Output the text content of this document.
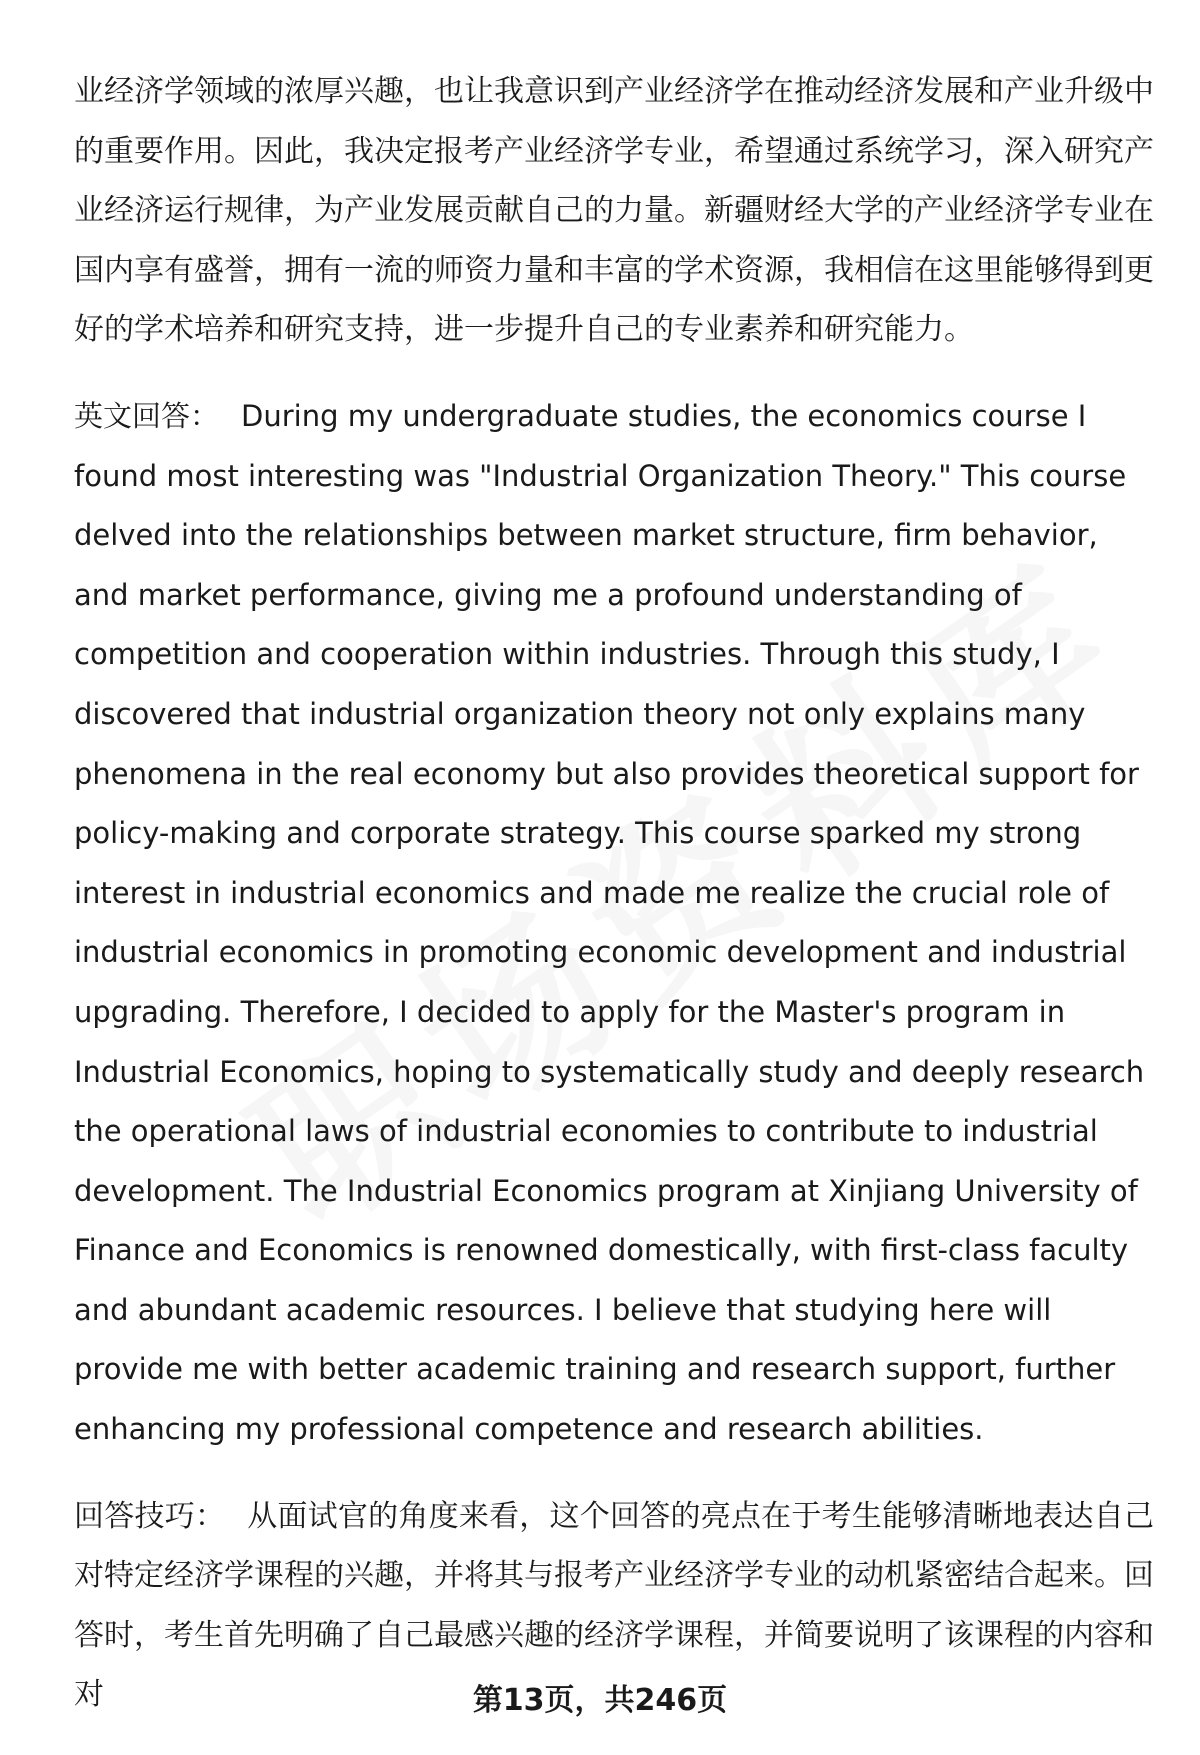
业经济学领域的浓厚兴趣，也让我意识到产业经济学在推动经济发展和产业升级中的重要作用。因此，我决定报考产业经济学专业，希望通过系统学习，深入研究产业经济运行规律，为产业发展贡献自己的力量。新疆财经大学的产业经济学专业在国内享有盛誉，拥有一流的师资力量和丰富的学术资源，我相信在这里能够得到更好的学术培养和研究支持，进一步提升自己的专业素养和研究能力。

英文回答： During my undergraduate studies, the economics course I found most interesting was "Industrial Organization Theory." This course delved into the relationships between market structure, firm behavior, and market performance, giving me a profound understanding of competition and cooperation within industries. Through this study, I discovered that industrial organization theory not only explains many phenomena in the real economy but also provides theoretical support for policy-making and corporate strategy. This course sparked my strong interest in industrial economics and made me realize the crucial role of industrial economics in promoting economic development and industrial upgrading. Therefore, I decided to apply for the Master's program in Industrial Economics, hoping to systematically study and deeply research the operational laws of industrial economies to contribute to industrial development. The Industrial Economics program at Xinjiang University of Finance and Economics is renowned domestically, with first-class faculty and abundant academic resources. I believe that studying here will provide me with better academic training and research support, further enhancing my professional competence and research abilities.

回答技巧： 从面试官的角度来看，这个回答的亮点在于考生能够清晰地表达自己对特定经济学课程的兴趣，并将其与报考产业经济学专业的动机紧密结合起来。回答时，考生首先明确了自己最感兴趣的经济学课程，并简要说明了该课程的内容和对	第13页，共246页
